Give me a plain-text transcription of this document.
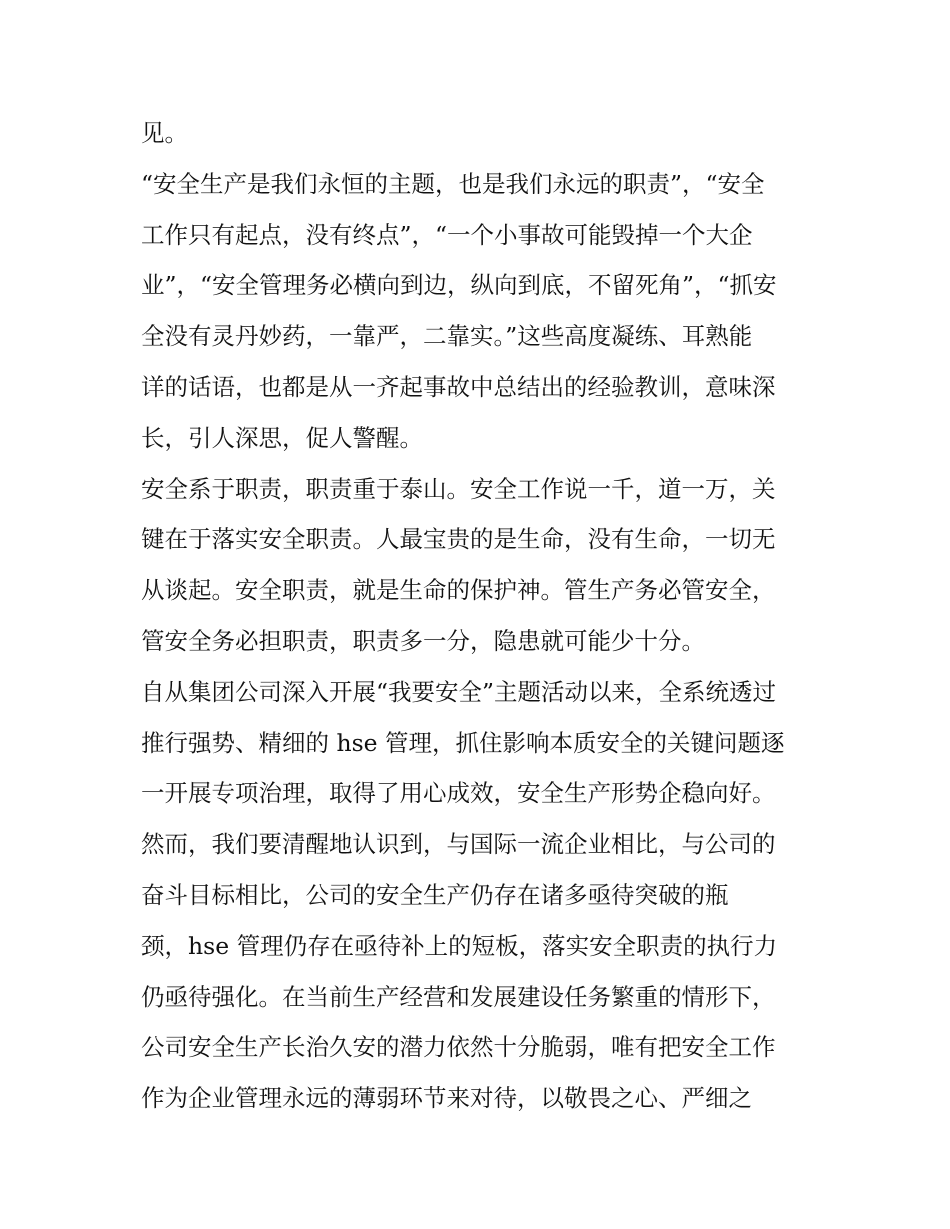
见。
“安全生产是我们永恒的主题，也是我们永远的职责”，“安全
工作只有起点，没有终点”，“一个小事故可能毁掉一个大企
业”，“安全管理务必横向到边，纵向到底，不留死角”，“抓安
全没有灵丹妙药，一靠严，二靠实。”这些高度凝练、耳熟能
详的话语，也都是从一齐起事故中总结出的经验教训，意味深
长，引人深思，促人警醒。
安全系于职责，职责重于泰山。安全工作说一千，道一万，关
键在于落实安全职责。人最宝贵的是生命，没有生命，一切无
从谈起。安全职责，就是生命的保护神。管生产务必管安全，
管安全务必担职责，职责多一分，隐患就可能少十分。
自从集团公司深入开展“我要安全”主题活动以来，全系统透过
推行强势、精细的 hse 管理，抓住影响本质安全的关键问题逐
一开展专项治理，取得了用心成效，安全生产形势企稳向好。
然而，我们要清醒地认识到，与国际一流企业相比，与公司的
奋斗目标相比，公司的安全生产仍存在诸多亟待突破的瓶
颈，hse 管理仍存在亟待补上的短板，落实安全职责的执行力
仍亟待强化。在当前生产经营和发展建设任务繁重的情形下，
公司安全生产长治久安的潜力依然十分脆弱，唯有把安全工作
作为企业管理永远的薄弱环节来对待，以敬畏之心、严细之
